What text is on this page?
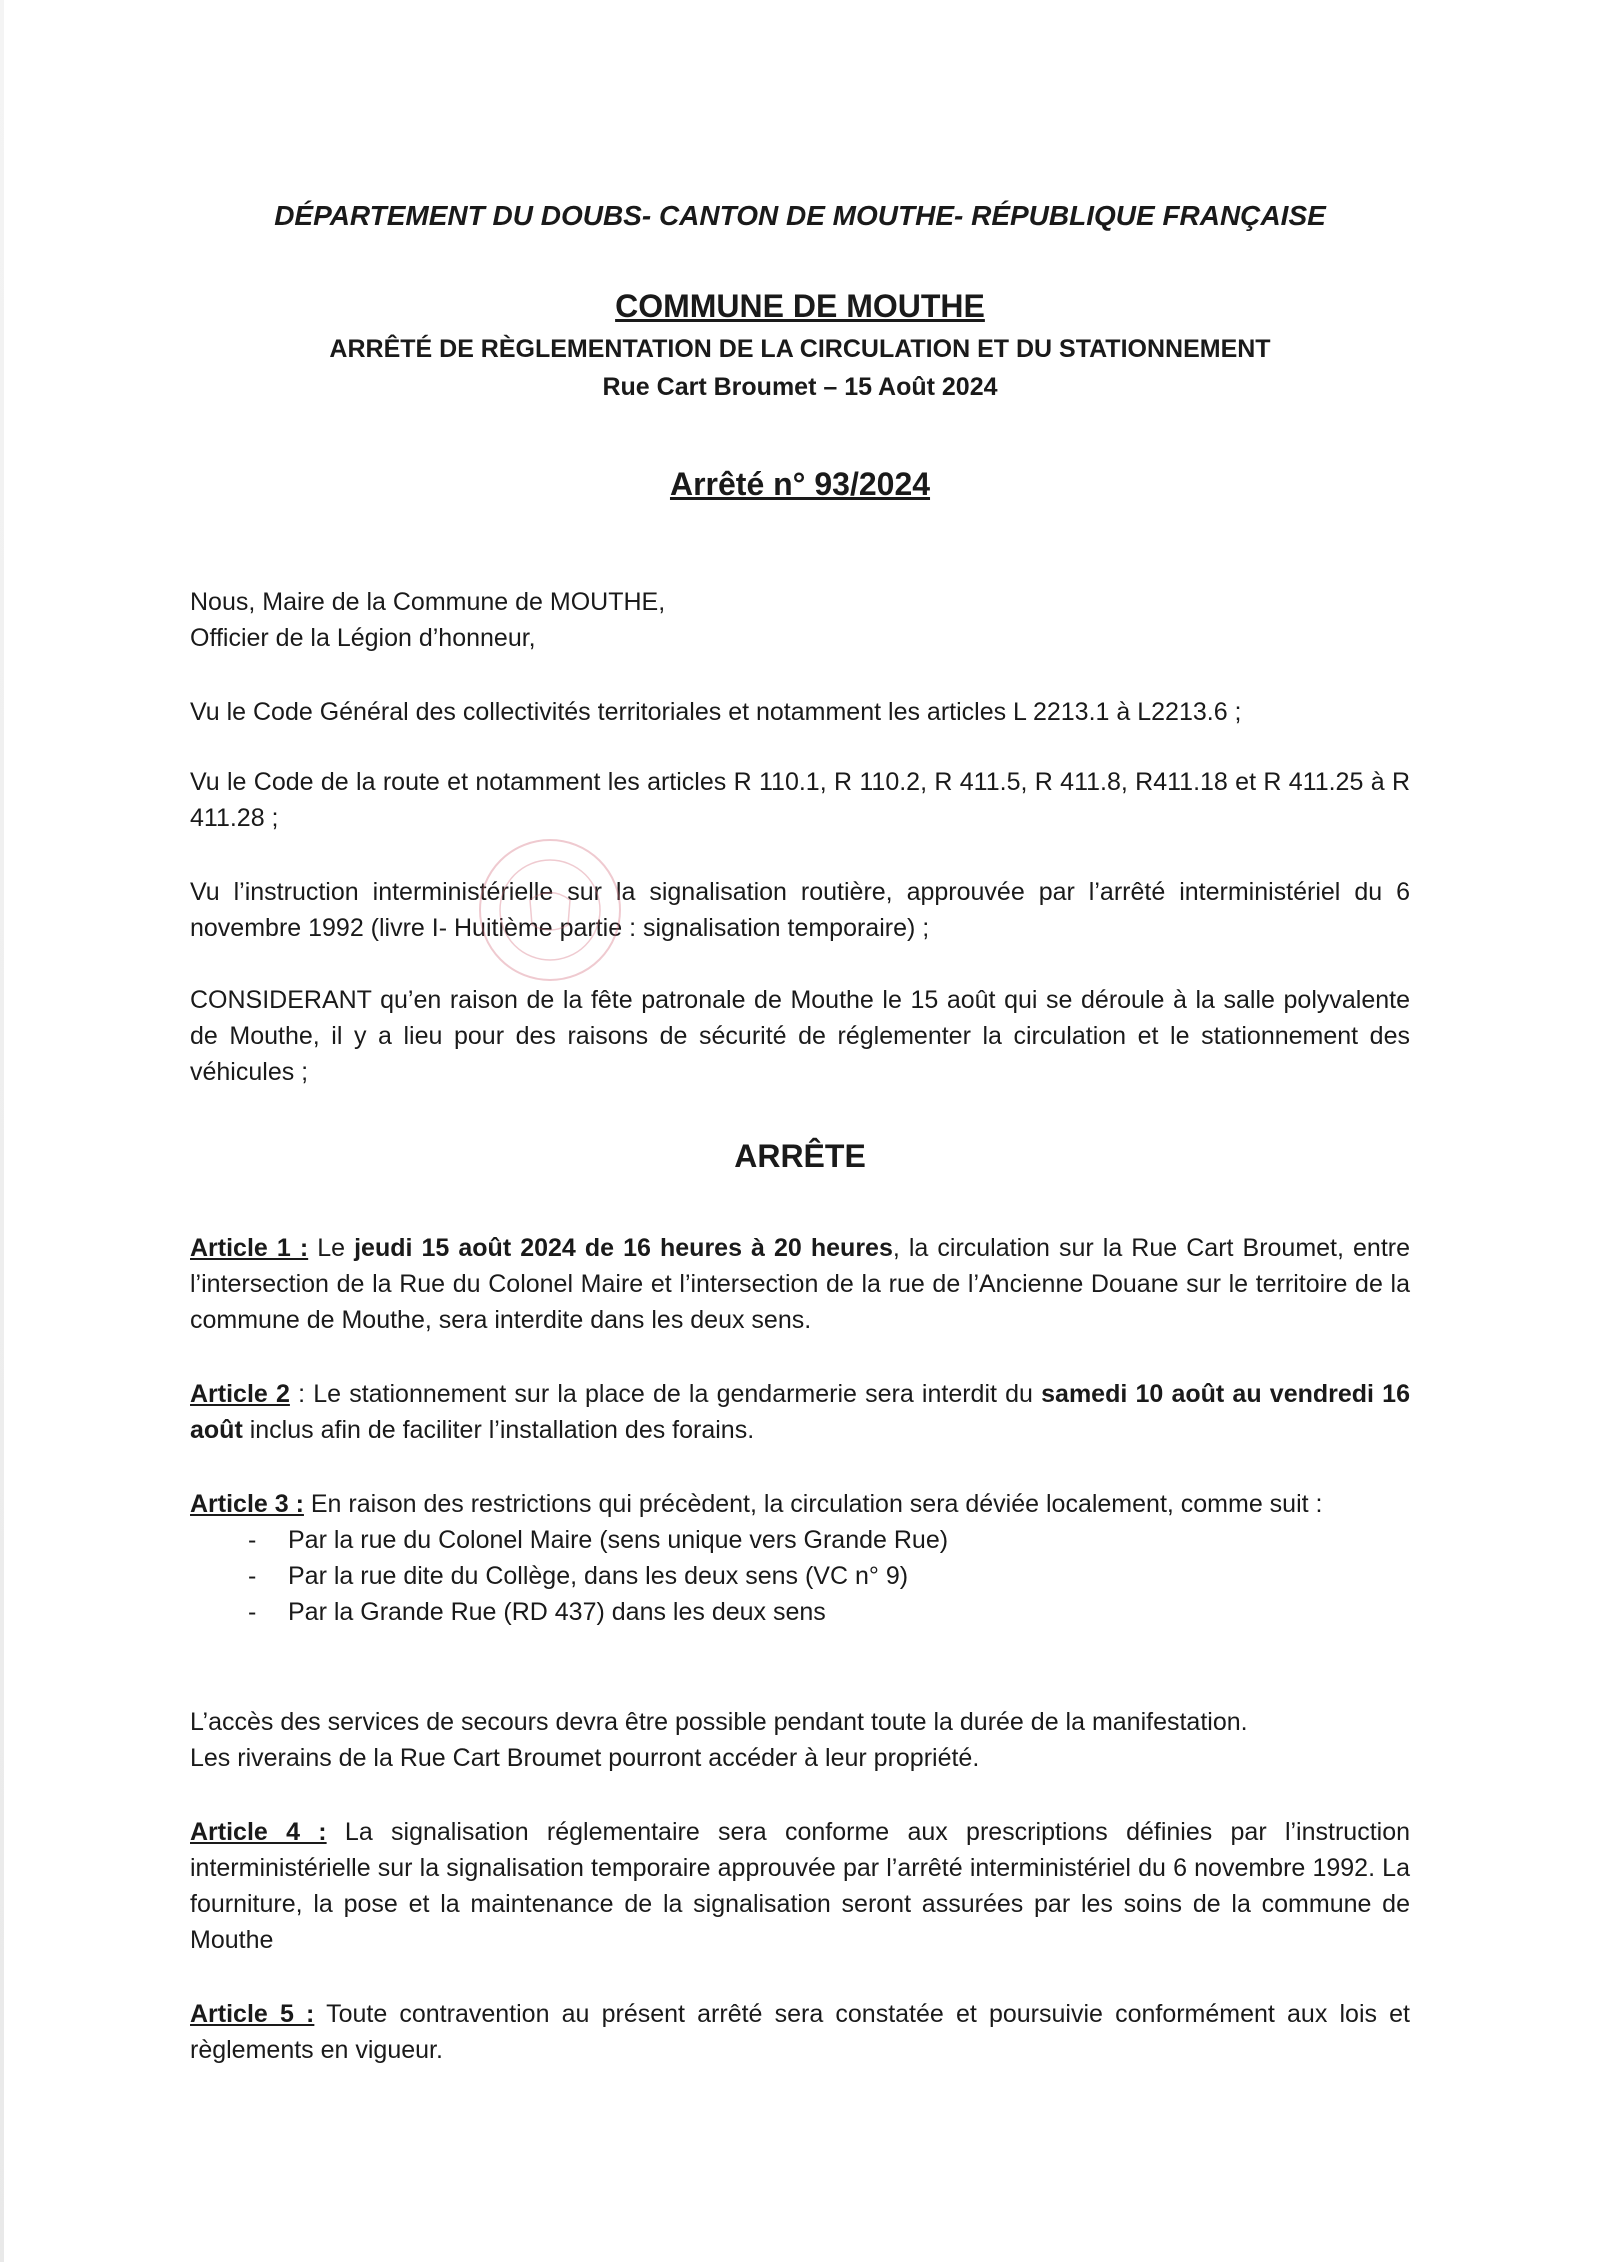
DÉPARTEMENT DU DOUBS- CANTON DE MOUTHE- RÉPUBLIQUE FRANÇAISE
COMMUNE DE MOUTHE
ARRÊTÉ DE RÈGLEMENTATION DE LA CIRCULATION ET DU STATIONNEMENT
Rue Cart Broumet – 15 Août 2024
Arrêté n° 93/2024

Nous, Maire de la Commune de MOUTHE,

Officier de la Légion d’honneur,

Vu le Code Général des collectivités territoriales et notamment les articles L 2213.1 à L2213.6 ;

Vu le Code de la route et notamment les articles R 110.1, R 110.2, R 411.5, R 411.8, R411.18 et R 411.25 à R 411.28 ;

Vu l’instruction interministérielle sur la signalisation routière, approuvée par l’arrêté interministériel du 6 novembre 1992 (livre I- Huitième partie : signalisation temporaire) ;

CONSIDERANT qu’en raison de la fête patronale de Mouthe le 15 août qui se déroule à la salle polyvalente de Mouthe, il y a lieu pour des raisons de sécurité de réglementer la circulation et le stationnement des véhicules ;

ARRÊTE

Article 1 : Le jeudi 15 août 2024 de 16 heures à 20 heures, la circulation sur la Rue Cart Broumet, entre l’intersection de la Rue du Colonel Maire et l’intersection de la rue de l’Ancienne Douane sur le territoire de la commune de Mouthe, sera interdite dans les deux sens.

Article 2 : Le stationnement sur la place de la gendarmerie sera interdit du samedi 10 août au vendredi 16 août inclus afin de faciliter l’installation des forains.

Article 3 : En raison des restrictions qui précèdent, la circulation sera déviée localement, comme suit :

- Par la rue du Colonel Maire (sens unique vers Grande Rue)
- Par la rue dite du Collège, dans les deux sens (VC n° 9)
- Par la Grande Rue (RD 437) dans les deux sens

L’accès des services de secours devra être possible pendant toute la durée de la manifestation.

Les riverains de la Rue Cart Broumet pourront accéder à leur propriété.

Article 4 : La signalisation réglementaire sera conforme aux prescriptions définies par l’instruction interministérielle sur la signalisation temporaire approuvée par l’arrêté interministériel du 6 novembre 1992. La fourniture, la pose et la maintenance de la signalisation seront assurées par les soins de la commune de Mouthe

Article 5 : Toute contravention au présent arrêté sera constatée et poursuivie conformément aux lois et règlements en vigueur.
